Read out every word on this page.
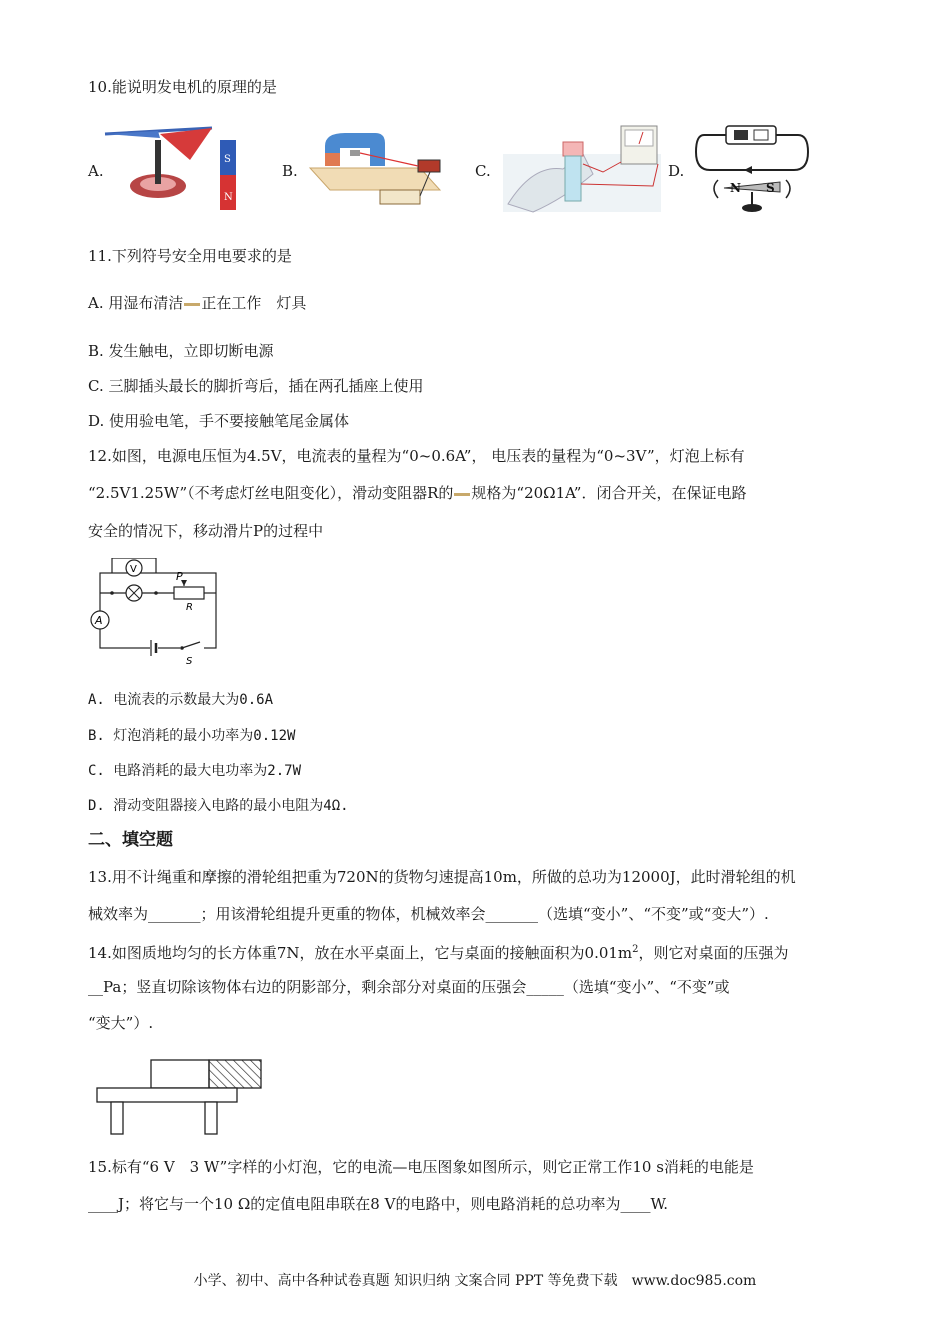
10.能说明发电机的原理的是
A.
S
N
B.	C.	D.
N S
11.下列符号安全用电要求的是
A. 用湿布清洁 正在工作　灯具
B. 发生触电，立即切断电源
C. 三脚插头最长的脚折弯后，插在两孔插座上使用
D. 使用验电笔，手不要接触笔尾金属体
12.如图，电源电压恒为4.5V，电流表的量程为“0~0.6A”， 电压表的量程为“0~3V”，灯泡上标有
“2.5V1.25W”（不考虑灯丝电阻变化），滑动变阻器R的 规格为“20Ω1A”．闭合开关，在保证电路
安全的情况下，移动滑片P的过程中
V
P
R
A
S
A. 电流表的示数最大为0.6A
B. 灯泡消耗的最小功率为0.12W
C. 电路消耗的最大电功率为2.7W
D. 滑动变阻器接入电路的最小电阻为4Ω.
二、填空题
13.用不计绳重和摩擦的滑轮组把重为720N的货物匀速提高10m，所做的总功为12000J，此时滑轮组的机
械效率为_______；用该滑轮组提升更重的物体，机械效率会_______（选填“变小”、“不变”或“变大”）.
14.如图质地均匀的长方体重7N，放在水平桌面上，它与桌面的接触面积为$0.01m^2$，则它对桌面的压强为
__Pa；竖直切除该物体右边的阴影部分，剩余部分对桌面的压强会_____（选填“变小”、“不变”或
“变大”）.
15.标有“6 V　3 W”字样的小灯泡，它的电流—电压图象如图所示，则它正常工作10 s消耗的电能是
____J；将它与一个10 Ω的定值电阻串联在8 V的电路中，则电路消耗的总功率为____W.
小学、初中、高中各种试卷真题 知识归纳 文案合同 PPT 等免费下载　www.doc985.com
